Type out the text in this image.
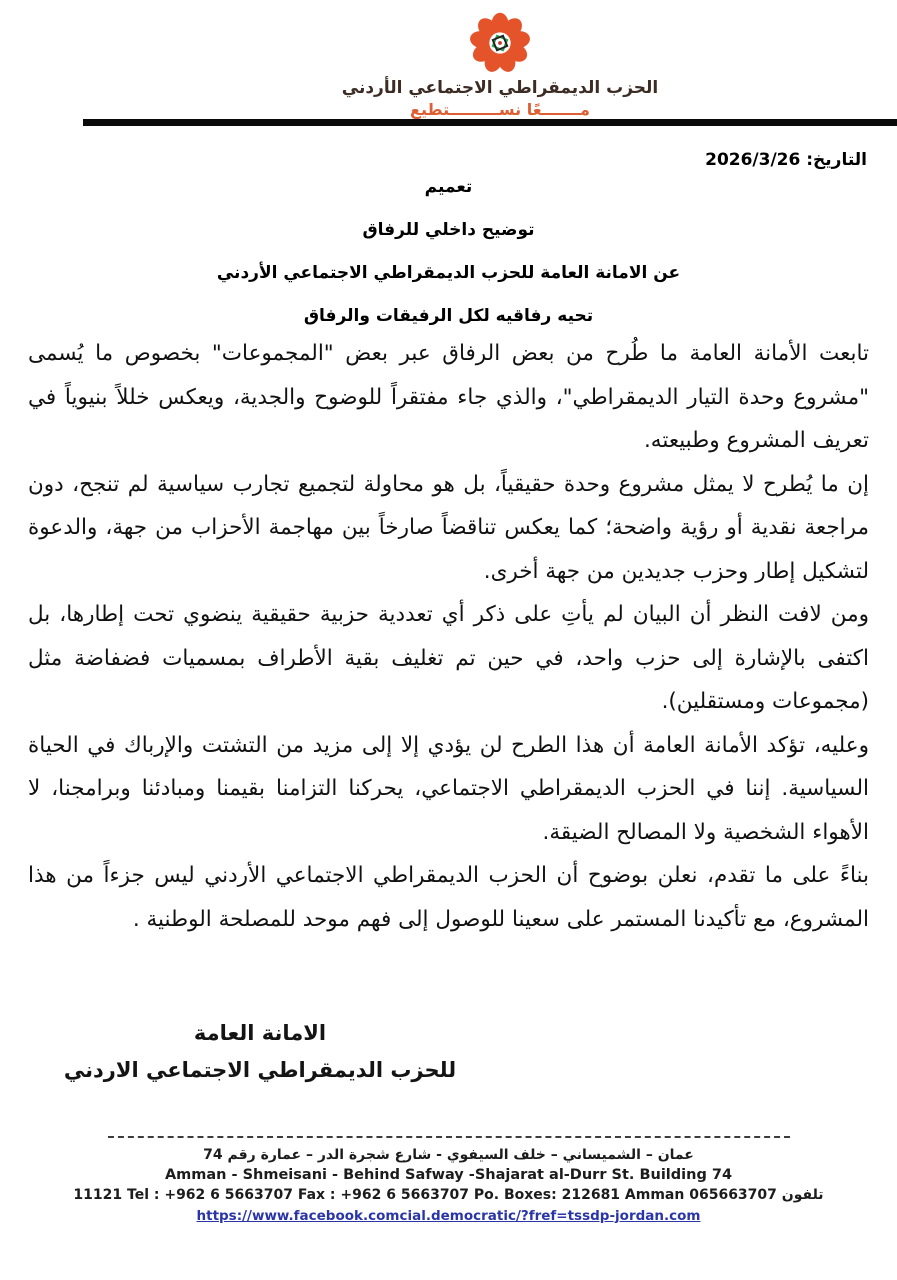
الحزب الديمقراطي الاجتماعي الأردني
مـــــــعًا نســـــــــتطيع
التاريخ: 2026/3/26
تعميم
توضيح داخلي للرفاق
عن الامانة العامة للحزب الديمقراطي الاجتماعي الأردني
تحيه رفاقيه لكل الرفيقات والرفاق

تابعت الأمانة العامة ما طُرح من بعض الرفاق عبر بعض "المجموعات" بخصوص ما يُسمى "مشروع وحدة التيار الديمقراطي"، والذي جاء مفتقراً للوضوح والجدية، ويعكس خللاً بنيوياً في تعريف المشروع وطبيعته.

إن ما يُطرح لا يمثل مشروع وحدة حقيقياً، بل هو محاولة لتجميع تجارب سياسية لم تنجح، دون مراجعة نقدية أو رؤية واضحة؛ كما يعكس تناقضاً صارخاً بين مهاجمة الأحزاب من جهة، والدعوة لتشكيل إطار وحزب جديدين من جهة أخرى.

ومن لافت النظر أن البيان لم يأتِ على ذكر أي تعددية حزبية حقيقية ينضوي تحت إطارها، بل اكتفى بالإشارة إلى حزب واحد، في حين تم تغليف بقية الأطراف بمسميات فضفاضة مثل (مجموعات ومستقلين).

وعليه، تؤكد الأمانة العامة أن هذا الطرح لن يؤدي إلا إلى مزيد من التشتت والإرباك في الحياة السياسية. إننا في الحزب الديمقراطي الاجتماعي، يحركنا التزامنا بقيمنا ومبادئنا وبرامجنا، لا الأهواء الشخصية ولا المصالح الضيقة.

بناءً على ما تقدم، نعلن بوضوح أن الحزب الديمقراطي الاجتماعي الأردني ليس جزءاً من هذا المشروع، مع تأكيدنا المستمر على سعينا للوصول إلى فهم موحد للمصلحة الوطنية .

الامانة العامة
للحزب الديمقراطي الاجتماعي الاردني
عمان – الشميساني – خلف السيفوي - شارع شجرة الدر – عمارة رقم 74
Amman - Shmeisani - Behind Safway -Shajarat al-Durr St. Building 74
11121 Tel : +962 6 5663707 Fax : +962 6 5663707 Po. Boxes: 212681 Amman 065663707 تلفون
https://www.facebook.comcial.democratic/?fref=tssdp-jordan.com
